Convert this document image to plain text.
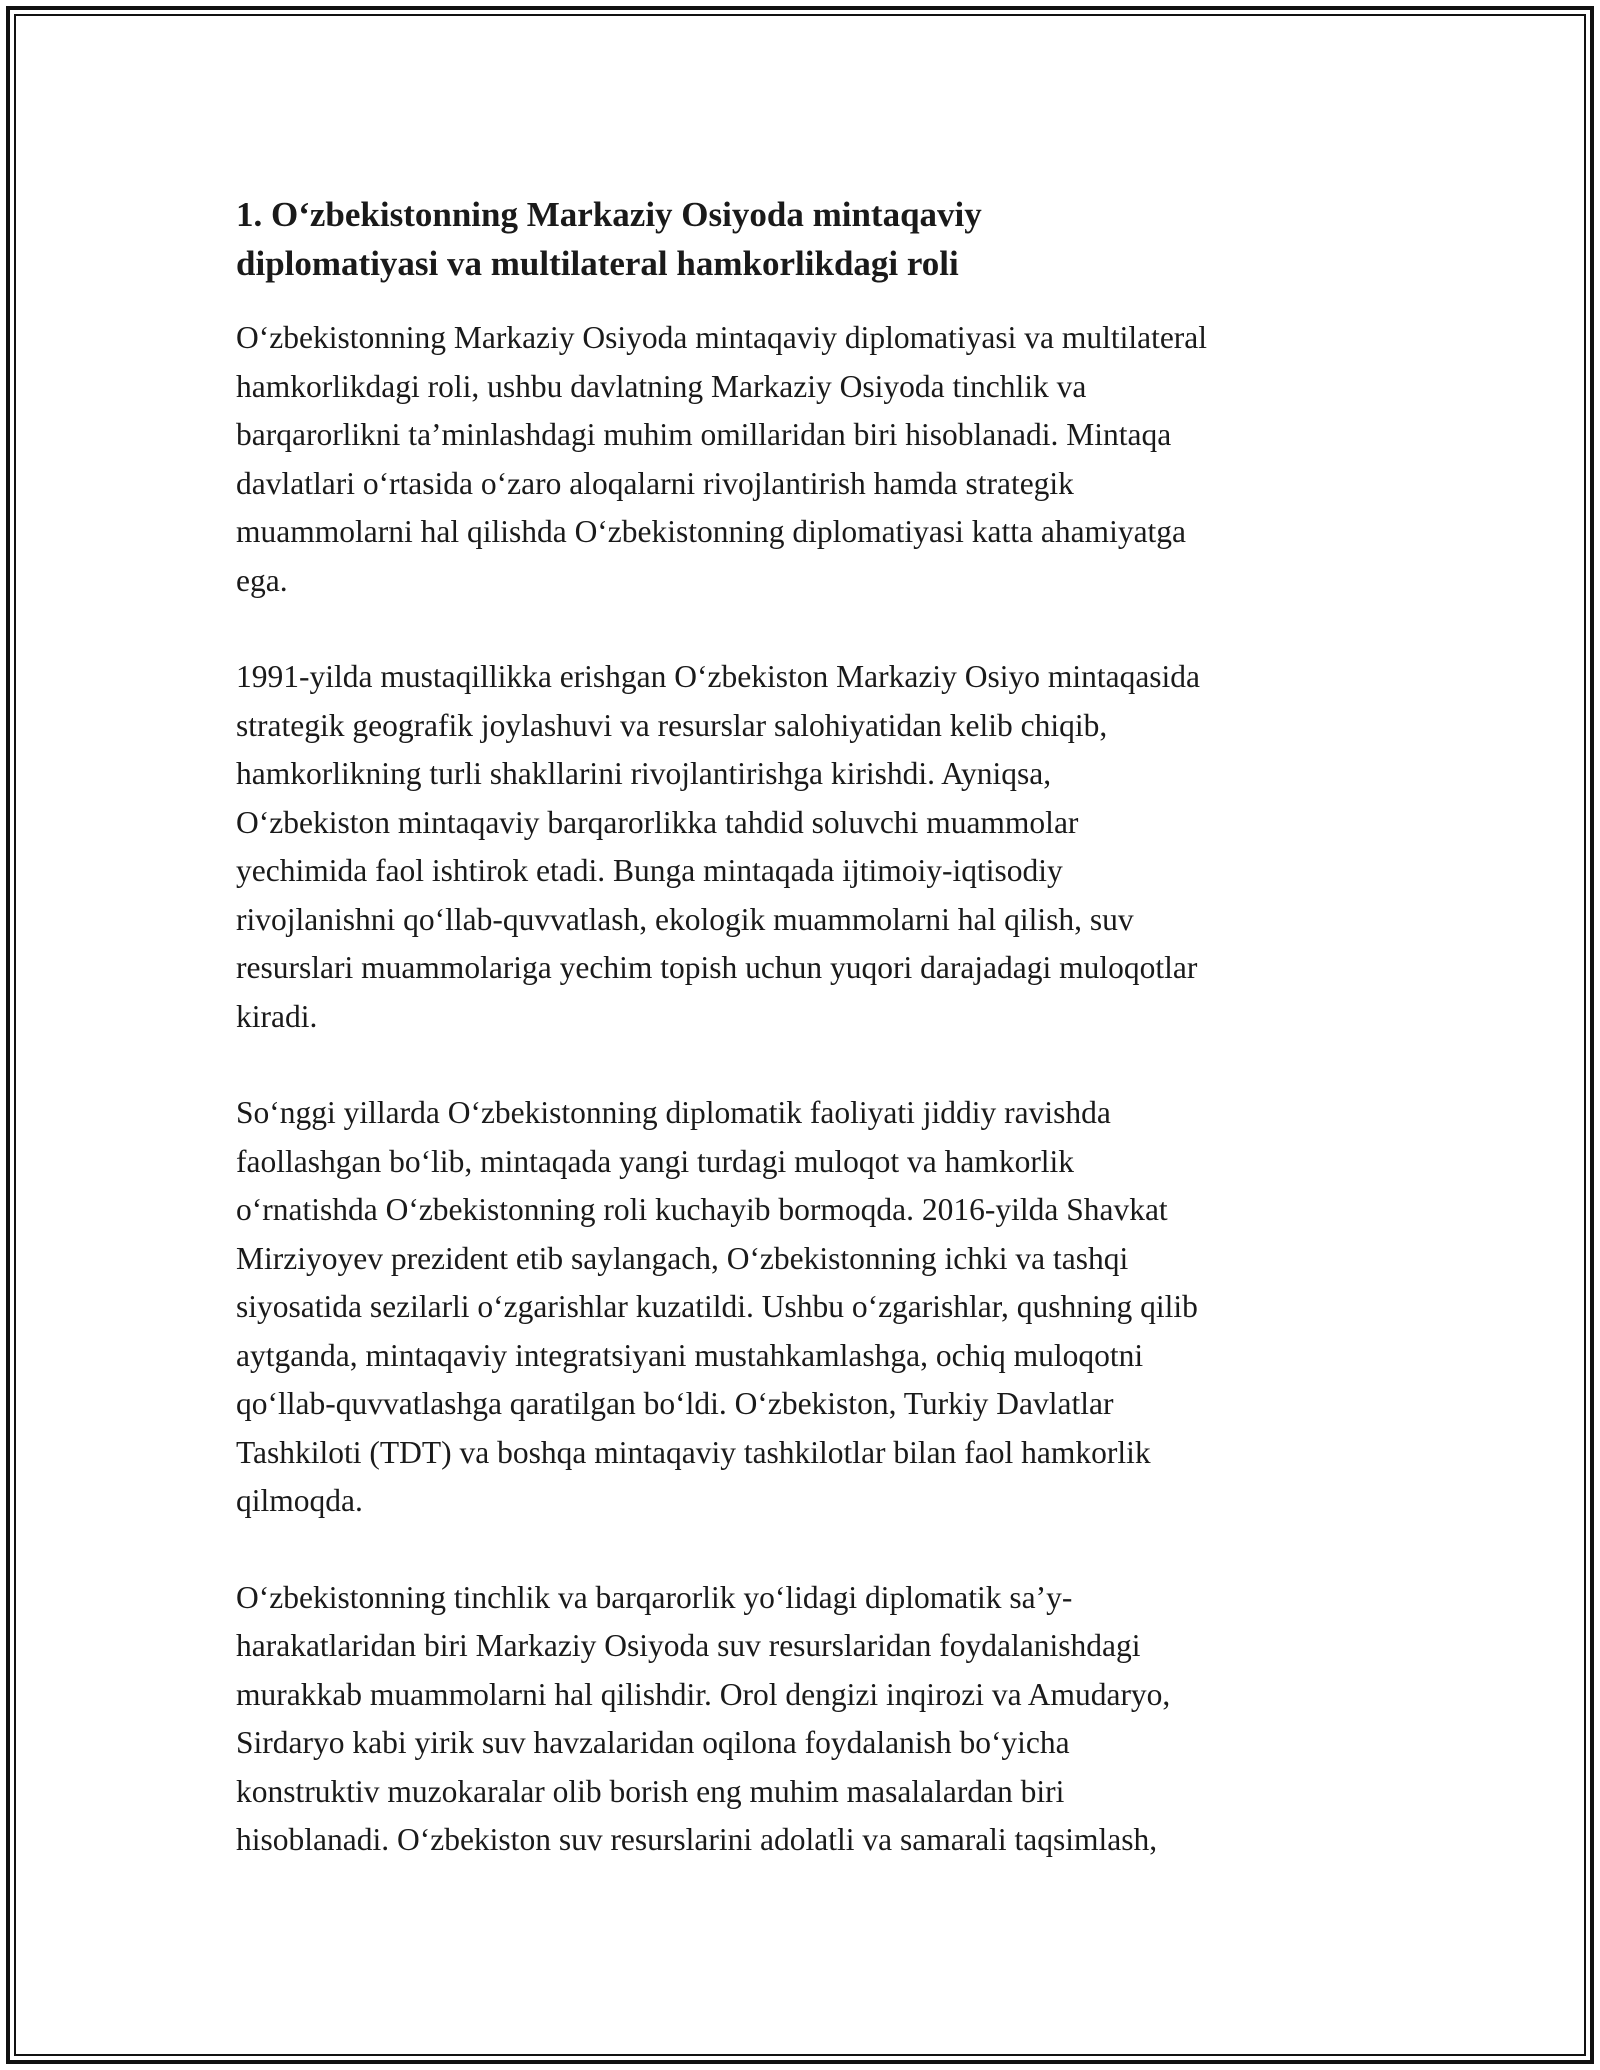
1. Oʻzbekistonning Markaziy Osiyoda mintaqaviy
diplomatiyasi va multilateral hamkorlikdagi roli

Oʻzbekistonning Markaziy Osiyoda mintaqaviy diplomatiyasi va multilateral
hamkorlikdagi roli, ushbu davlatning Markaziy Osiyoda tinchlik va
barqarorlikni ta’minlashdagi muhim omillaridan biri hisoblanadi. Mintaqa
davlatlari oʻrtasida oʻzaro aloqalarni rivojlantirish hamda strategik
muammolarni hal qilishda Oʻzbekistonning diplomatiyasi katta ahamiyatga
ega.

1991-yilda mustaqillikka erishgan Oʻzbekiston Markaziy Osiyo mintaqasida
strategik geografik joylashuvi va resurslar salohiyatidan kelib chiqib,
hamkorlikning turli shakllarini rivojlantirishga kirishdi. Ayniqsa,
Oʻzbekiston mintaqaviy barqarorlikka tahdid soluvchi muammolar
yechimida faol ishtirok etadi. Bunga mintaqada ijtimoiy-iqtisodiy
rivojlanishni qoʻllab-quvvatlash, ekologik muammolarni hal qilish, suv
resurslari muammolariga yechim topish uchun yuqori darajadagi muloqotlar
kiradi.

Soʻnggi yillarda Oʻzbekistonning diplomatik faoliyati jiddiy ravishda
faollashgan boʻlib, mintaqada yangi turdagi muloqot va hamkorlik
oʻrnatishda Oʻzbekistonning roli kuchayib bormoqda. 2016-yilda Shavkat
Mirziyoyev prezident etib saylangach, Oʻzbekistonning ichki va tashqi
siyosatida sezilarli oʻzgarishlar kuzatildi. Ushbu oʻzgarishlar, qushning qilib
aytganda, mintaqaviy integratsiyani mustahkamlashga, ochiq muloqotni
qoʻllab-quvvatlashga qaratilgan boʻldi. Oʻzbekiston, Turkiy Davlatlar
Tashkiloti (TDT) va boshqa mintaqaviy tashkilotlar bilan faol hamkorlik
qilmoqda.

Oʻzbekistonning tinchlik va barqarorlik yoʻlidagi diplomatik sa’y-
harakatlaridan biri Markaziy Osiyoda suv resurslaridan foydalanishdagi
murakkab muammolarni hal qilishdir. Orol dengizi inqirozi va Amudaryo,
Sirdaryo kabi yirik suv havzalaridan oqilona foydalanish boʻyicha
konstruktiv muzokaralar olib borish eng muhim masalalardan biri
hisoblanadi. Oʻzbekiston suv resurslarini adolatli va samarali taqsimlash,
